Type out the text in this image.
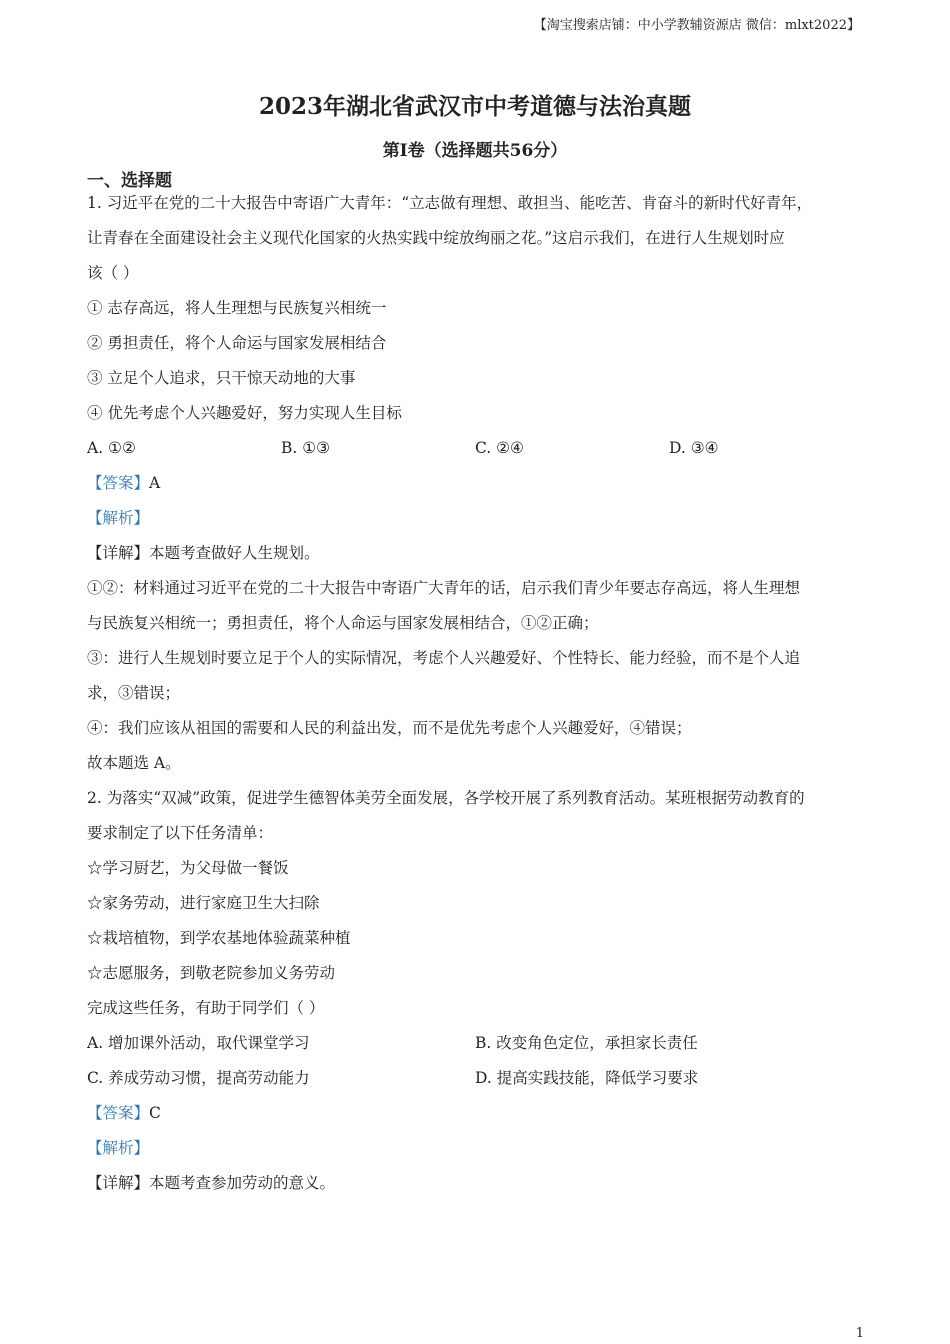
【淘宝搜索店铺：中小学教辅资源店 微信：mlxt2022】
2023年湖北省武汉市中考道德与法治真题
第I卷（选择题共56分）
一、选择题
1. 习近平在党的二十大报告中寄语广大青年：“立志做有理想、敢担当、能吃苦、肯奋斗的新时代好青年，
让青春在全面建设社会主义现代化国家的火热实践中绽放绚丽之花。”这启示我们，在进行人生规划时应
该（ ）
① 志存高远，将人生理想与民族复兴相统一
② 勇担责任，将个人命运与国家发展相结合
③ 立足个人追求，只干惊天动地的大事
④ 优先考虑个人兴趣爱好，努力实现人生目标
A. ①②	B. ①③	C. ②④	D. ③④
【答案】A
【解析】
【详解】本题考查做好人生规划。
①②：材料通过习近平在党的二十大报告中寄语广大青年的话，启示我们青少年要志存高远，将人生理想
与民族复兴相统一；勇担责任，将个人命运与国家发展相结合，①②正确；
③：进行人生规划时要立足于个人的实际情况，考虑个人兴趣爱好、个性特长、能力经验，而不是个人追
求，③错误；
④：我们应该从祖国的需要和人民的利益出发，而不是优先考虑个人兴趣爱好，④错误；
故本题选 A。
2. 为落实“双减”政策，促进学生德智体美劳全面发展，各学校开展了系列教育活动。某班根据劳动教育的
要求制定了以下任务清单：
☆学习厨艺，为父母做一餐饭
☆家务劳动，进行家庭卫生大扫除
☆栽培植物，到学农基地体验蔬菜种植
☆志愿服务，到敬老院参加义务劳动
完成这些任务，有助于同学们（ ）
A. 增加课外活动，取代课堂学习	B. 改变角色定位，承担家长责任
C. 养成劳动习惯，提高劳动能力	D. 提高实践技能，降低学习要求
【答案】C
【解析】
【详解】本题考查参加劳动的意义。
1
